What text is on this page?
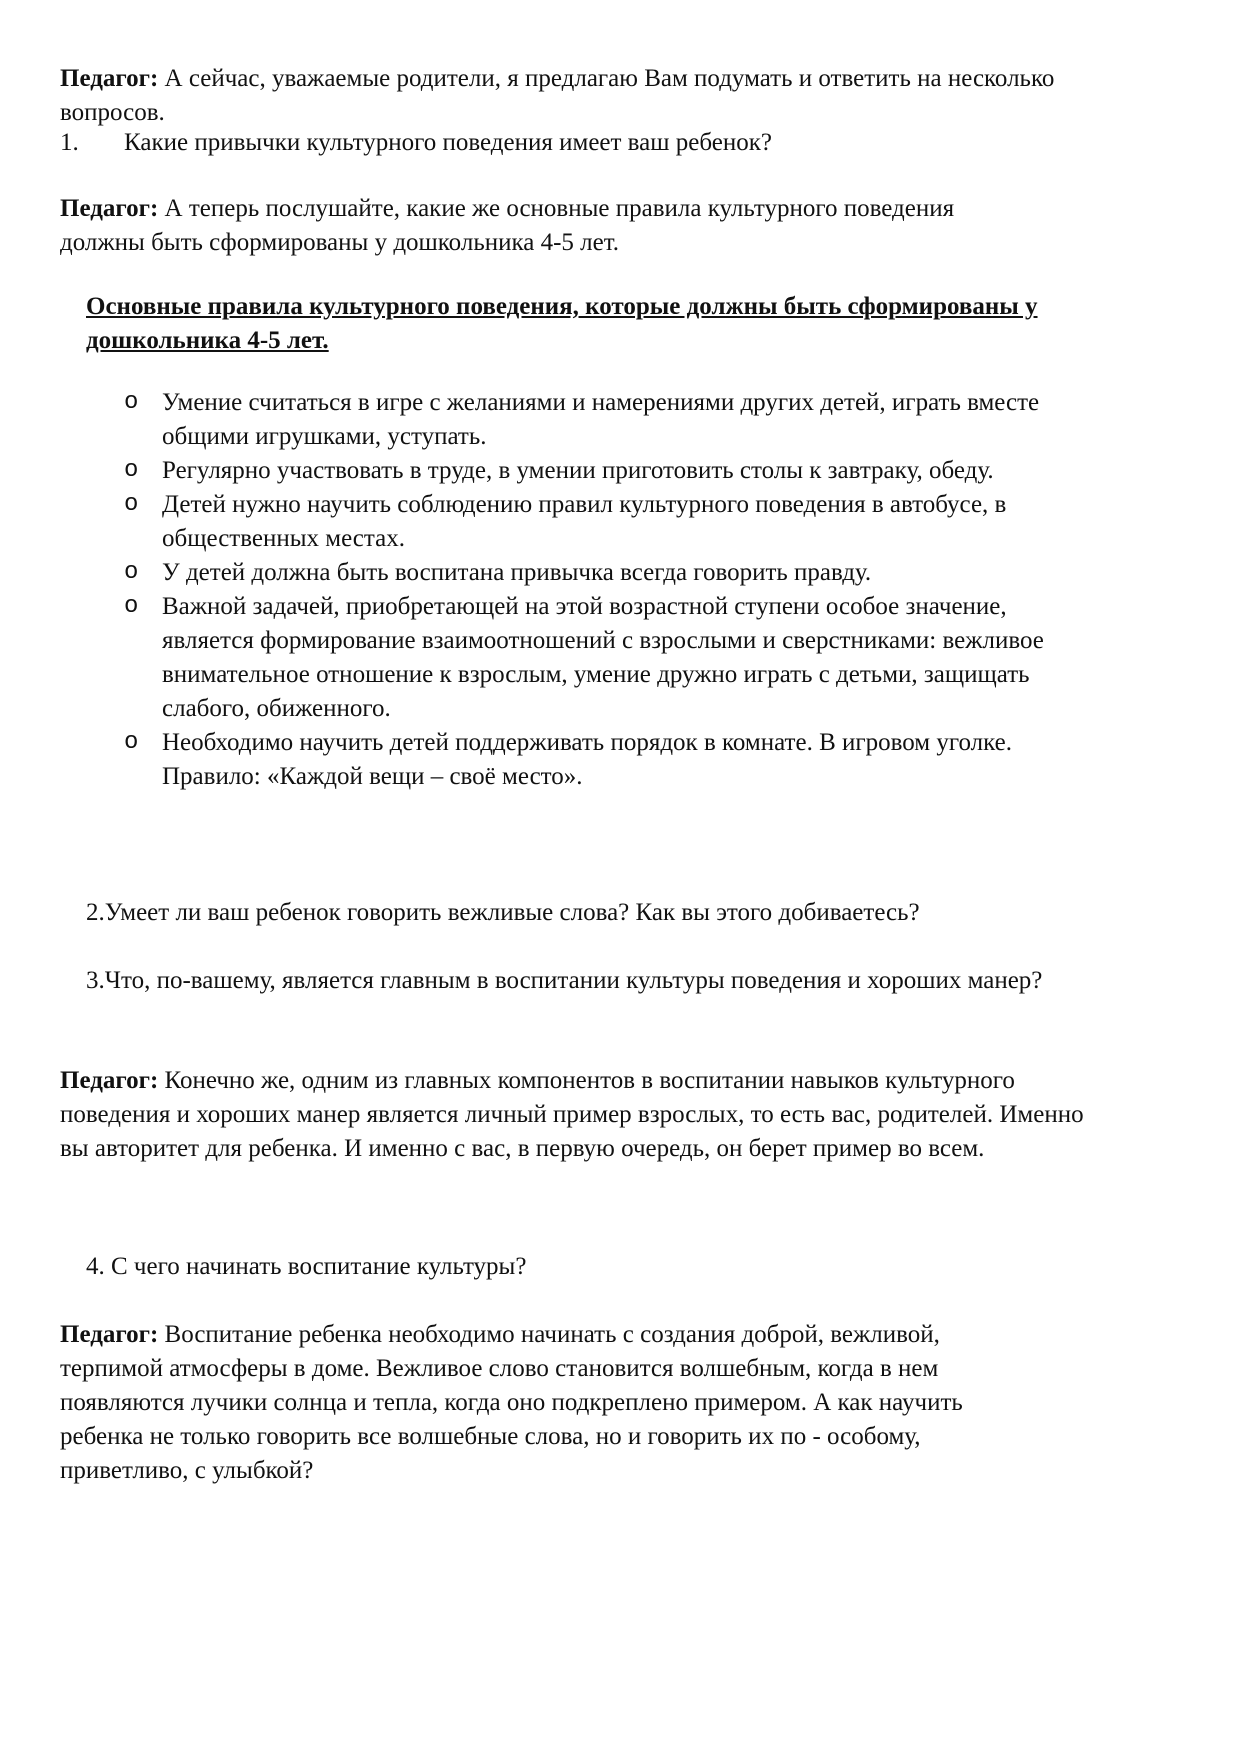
Педагог: А сейчас, уважаемые родители, я предлагаю Вам подумать и ответить на несколько вопросов.

1. Какие привычки культурного поведения имеет ваш ребенок?

Педагог: А теперь послушайте, какие же основные правила культурного поведения должны быть сформированы у дошкольника 4-5 лет.

Основные правила культурного поведения, которые должны быть сформированы у дошкольника 4-5 лет.

o Умение считаться в игре с желаниями и намерениями других детей, играть вместе общими игрушками, уступать.
o Регулярно участвовать в труде, в умении приготовить столы к завтраку, обеду.
o Детей нужно научить соблюдению правил культурного поведения в автобусе, в общественных местах.
o У детей должна быть воспитана привычка всегда говорить правду.
o Важной задачей, приобретающей на этой возрастной ступени особое значение, является формирование взаимоотношений с взрослыми и сверстниками: вежливое внимательное отношение к взрослым, умение дружно играть с детьми, защищать слабого, обиженного.
o Необходимо научить детей поддерживать порядок в комнате. В игровом уголке. Правило: «Каждой вещи – своё место».

2.Умеет ли ваш ребенок говорить вежливые слова? Как вы этого добиваетесь?

3.Что, по-вашему, является главным в воспитании культуры поведения и хороших манер?

Педагог: Конечно же, одним из главных компонентов в воспитании навыков культурного поведения и хороших манер является личный пример взрослых, то есть вас, родителей. Именно вы авторитет для ребенка. И именно с вас, в первую очередь, он берет пример во всем.

4. С чего начинать воспитание культуры?

Педагог: Воспитание ребенка необходимо начинать с создания доброй, вежливой, терпимой атмосферы в доме. Вежливое слово становится волшебным, когда в нем появляются лучики солнца и тепла, когда оно подкреплено примером. А как научить ребенка не только говорить все волшебные слова, но и говорить их по - особому, приветливо, с улыбкой?
